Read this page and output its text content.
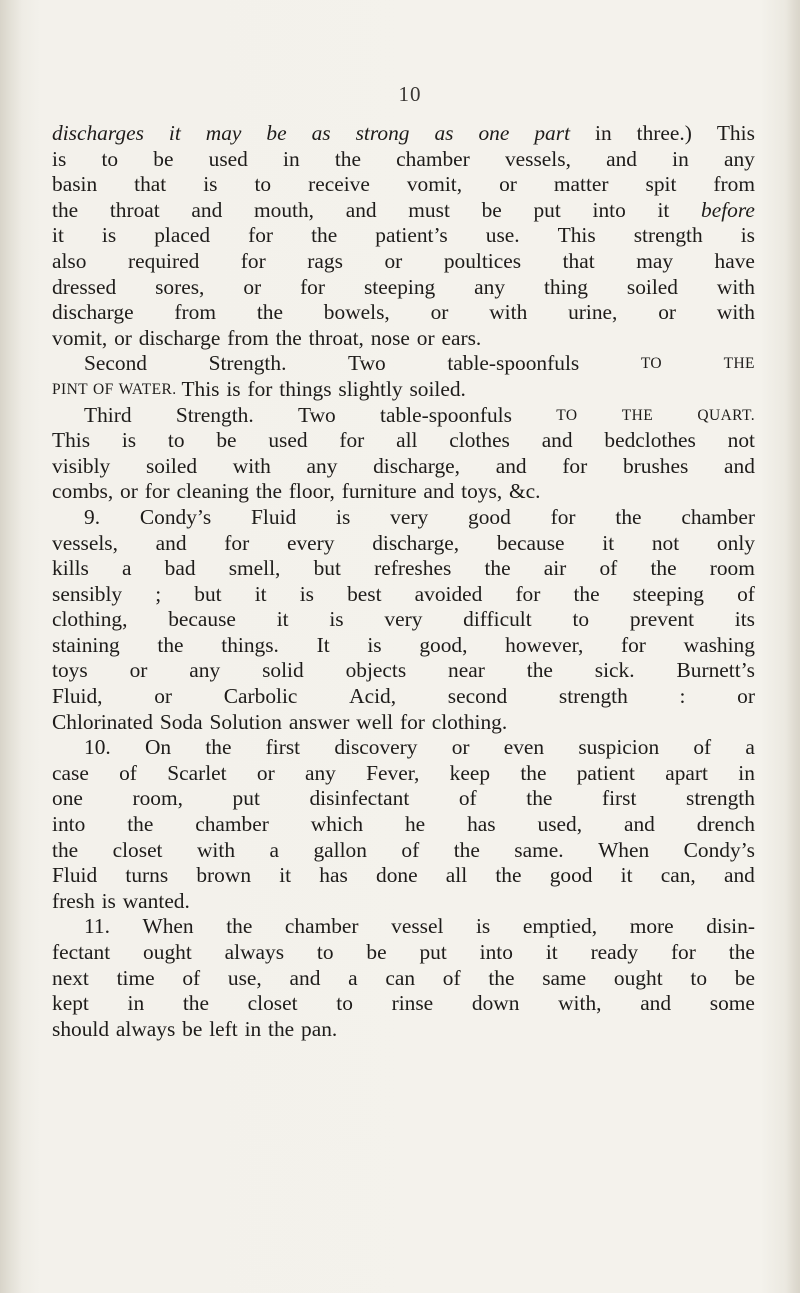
10
discharges it may be as strong as one part in three.) This
is to be used in the chamber vessels, and in any
basin that is to receive vomit, or matter spit from
the throat and mouth, and must be put into it before
it is placed for the patient’s use. This strength is
also required for rags or poultices that may have
dressed sores, or for steeping any thing soiled with
discharge from the bowels, or with urine, or with
vomit, or discharge from the throat, nose or ears.
Second	Strength.	Two	table-spoonfuls	TO	THE
PINT OF WATER. This is for things slightly soiled.
Third Strength. Two table-spoonfuls	TO	THE	QUART.
This is to be used for all clothes and bedclothes not
visibly soiled with any discharge, and for brushes and
combs, or for cleaning the floor, furniture and toys, &c.
9. Condy’s Fluid is very good for the chamber
vessels, and for every discharge, because it not only
kills a bad smell, but refreshes the air of the room
sensibly ; but it is best avoided for the steeping of
clothing, because it is very difficult to prevent its
staining the things. It is good, however, for washing
toys or any solid objects near the sick. Burnett’s
Fluid, or Carbolic Acid, second strength : or
Chlorinated Soda Solution answer well for clothing.
10. On the first discovery or even suspicion of a
case of Scarlet or any Fever, keep the patient apart in
one room, put disinfectant of the first strength
into the chamber which he has used, and drench
the closet with a gallon of the same. When Condy’s
Fluid turns brown it has done all the good it can, and
fresh is wanted.
11. When the chamber vessel is emptied, more disin-
fectant ought always to be put into it ready for the
next time of use, and a can of the same ought to be
kept in the closet to rinse down with, and some
should always be left in the pan.
